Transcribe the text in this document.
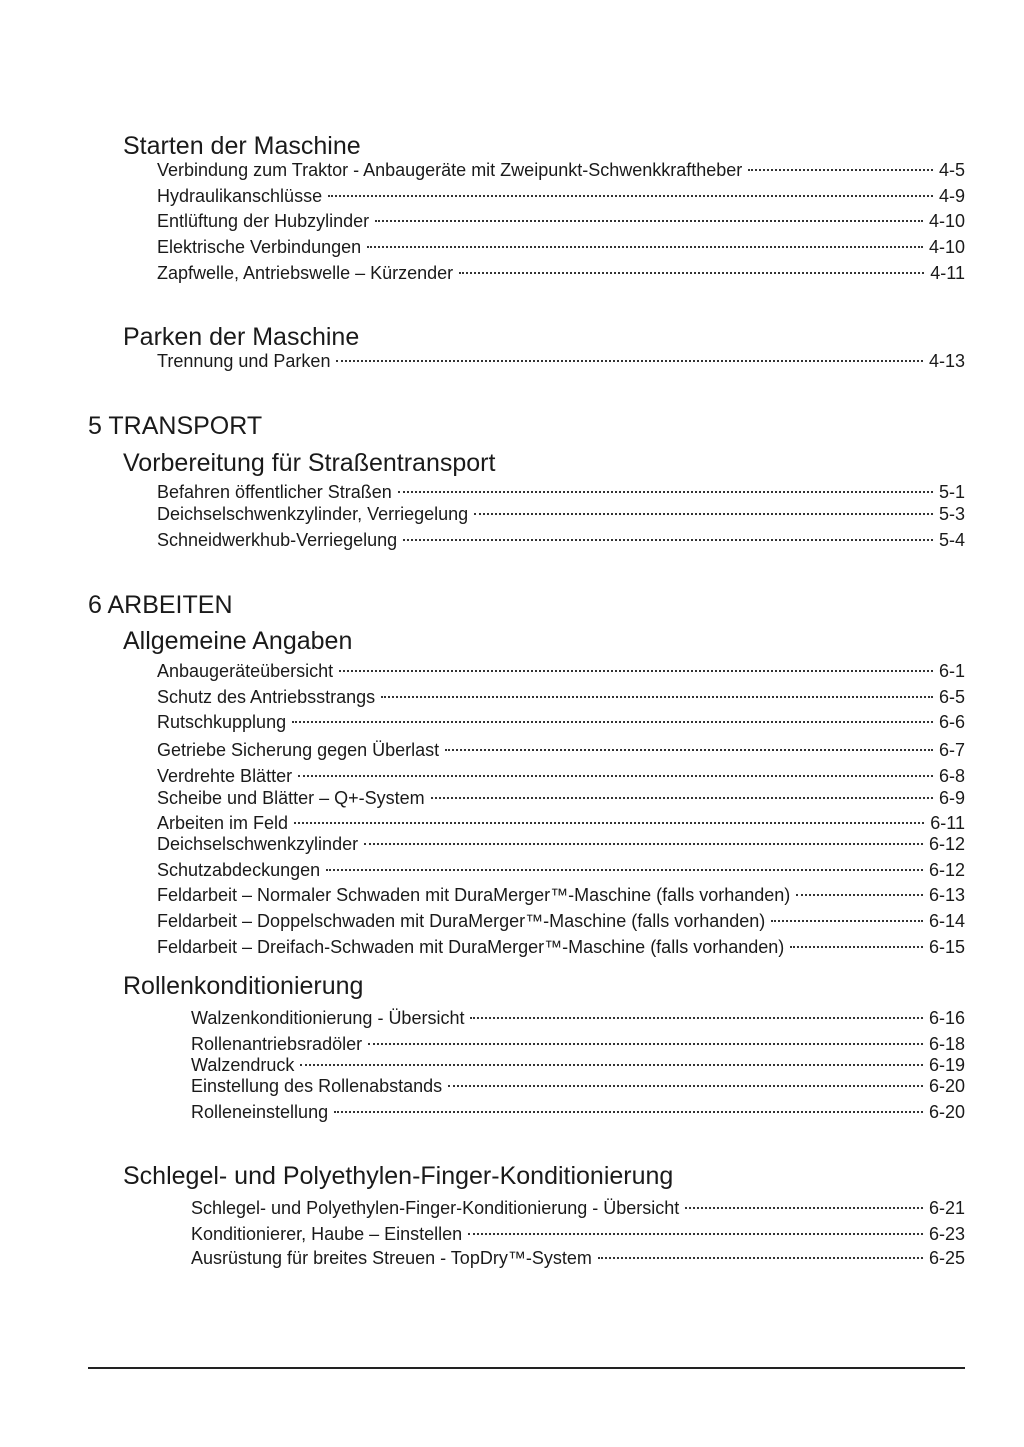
Starten der Maschine
Verbindung zum Traktor - Anbaugeräte mit Zweipunkt-Schwenkkraftheber	4-5
Hydraulikanschlüsse	4-9
Entlüftung der Hubzylinder	4-10
Elektrische Verbindungen	4-10
Zapfwelle, Antriebswelle – Kürzender	4-11
Parken der Maschine
Trennung und Parken	4-13
5 TRANSPORT
Vorbereitung für Straßentransport
Befahren öffentlicher Straßen	5-1
Deichselschwenkzylinder, Verriegelung	5-3
Schneidwerkhub-Verriegelung	5-4
6 ARBEITEN
Allgemeine Angaben
Anbaugeräteübersicht	6-1
Schutz des Antriebsstrangs	6-5
Rutschkupplung	6-6
Getriebe Sicherung gegen Überlast	6-7
Verdrehte Blätter	6-8
Scheibe und Blätter – Q+-System	6-9
Arbeiten im Feld	6-11
Deichselschwenkzylinder	6-12
Schutzabdeckungen	6-12
Feldarbeit – Normaler Schwaden mit DuraMerger™-Maschine (falls vorhanden)	6-13
Feldarbeit – Doppelschwaden mit DuraMerger™-Maschine (falls vorhanden)	6-14
Feldarbeit – Dreifach-Schwaden mit DuraMerger™-Maschine (falls vorhanden)	6-15
Rollenkonditionierung
Walzenkonditionierung - Übersicht	6-16
Rollenantriebsradöler	6-18
Walzendruck	6-19
Einstellung des Rollenabstands	6-20
Rolleneinstellung	6-20
Schlegel- und Polyethylen-Finger-Konditionierung
Schlegel- und Polyethylen-Finger-Konditionierung - Übersicht	6-21
Konditionierer, Haube – Einstellen	6-23
Ausrüstung für breites Streuen - TopDry™-System	6-25
